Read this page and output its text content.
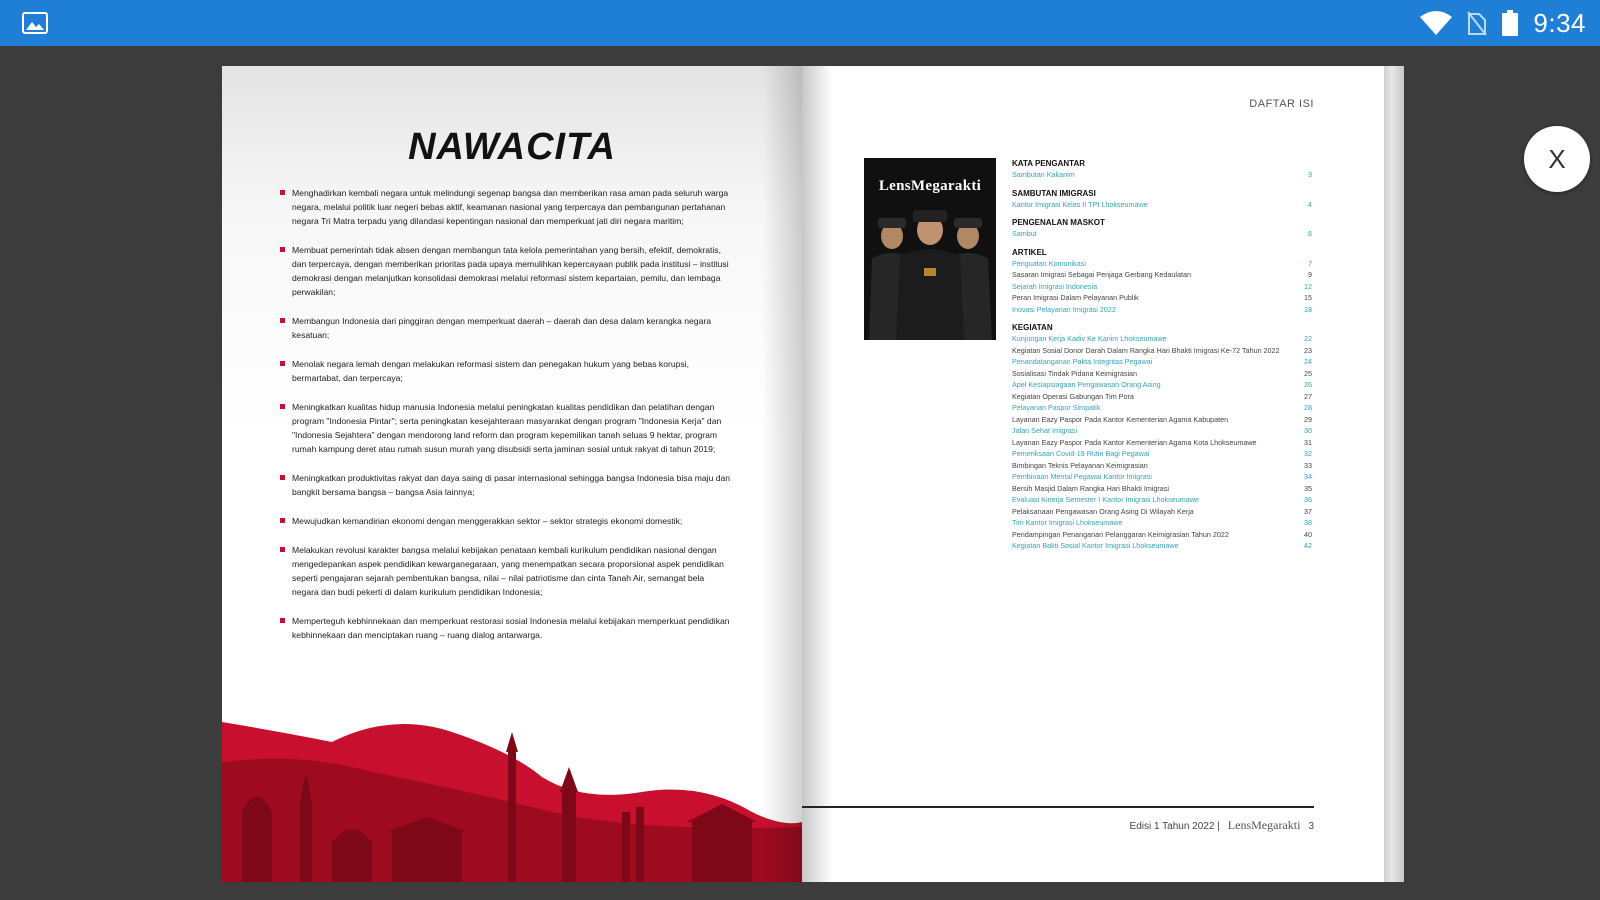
9:34
NAWACITA
Menghadirkan kembali negara untuk melindungi segenap bangsa dan memberikan rasa aman pada seluruh warga negara, melalui politik luar negeri bebas aktif, keamanan nasional yang terpercaya dan pembangunan pertahanan negara Tri Matra terpadu yang dilandasi kepentingan nasional dan memperkuat jati diri negara maritim;
Membuat pemerintah tidak absen dengan membangun tata kelola pemerintahan yang bersih, efektif, demokratis, dan terpercaya, dengan memberikan prioritas pada upaya memulihkan kepercayaan publik pada institusi – institusi demokrasi dengan melanjutkan konsolidasi demokrasi melalui reformasi sistem kepartaian, pemilu, dan lembaga perwakilan;
Membangun Indonesia dari pinggiran dengan memperkuat daerah – daerah dan desa dalam kerangka negara kesatuan;
Menolak negara lemah dengan melakukan reformasi sistem dan penegakan hukum yang bebas korupsi, bermartabat, dan terpercaya;
Meningkatkan kualitas hidup manusia Indonesia melalui peningkatan kualitas pendidikan dan pelatihan dengan program "Indonesia Pintar"; serta peningkatan kesejahteraan masyarakat dengan program "Indonesia Kerja" dan "Indonesia Sejahtera" dengan mendorong land reform dan program kepemilikan tanah seluas 9 hektar, program rumah kampung deret atau rumah susun murah yang disubsidi serta jaminan sosial untuk rakyat di tahun 2019;
Meningkatkan produktivitas rakyat dan daya saing di pasar internasional sehingga bangsa Indonesia bisa maju dan bangkit bersama bangsa – bangsa Asia lainnya;
Mewujudkan kemandirian ekonomi dengan menggerakkan sektor – sektor strategis ekonomi domestik;
Melakukan revolusi karakter bangsa melalui kebijakan penataan kembali kurikulum pendidikan nasional dengan mengedepankan aspek pendidikan kewarganegaraan, yang menempatkan secara proporsional aspek pendidikan seperti pengajaran sejarah pembentukan bangsa, nilai – nilai patriotisme dan cinta Tanah Air, semangat bela negara dan budi pekerti di dalam kurikulum pendidikan Indonesia;
Memperteguh kebhinnekaan dan memperkuat restorasi sosial Indonesia melalui kebijakan memperkuat pendidikan kebhinnekaan dan menciptakan ruang – ruang dialog antarwarga.
DAFTAR ISI
LensMegarakti
KATA PENGANTAR
Sambutan Kakanim	3
SAMBUTAN IMIGRASI
Kantor Imigrasi Kelas II TPI Lhokseumawe	4
PENGENALAN MASKOT
Sambut	6
ARTIKEL
Penguatan Komunikasi	7
Sasaran Imigrasi Sebagai Penjaga Gerbang Kedaulatan	9
Sejarah Imigrasi Indonesia	12
Peran Imigrasi Dalam Pelayanan Publik	15
Inovasi Pelayanan Imigrasi 2022	18
KEGIATAN
Kunjungan Kerja Kadiv Ke Kanim Lhokseumawe	22
Kegiatan Sosial Donor Darah Dalam Rangka Hari Bhakti Imigrasi Ke-72 Tahun 2022	23
Penandatanganan Pakta Integritas Pegawai	24
Sosialisasi Tindak Pidana Keimigrasian	25
Apel Kesiapsiagaan Pengawasan Orang Asing	26
Kegiatan Operasi Gabungan Tim Pora	27
Pelayanan Paspor Simpatik	28
Layanan Eazy Paspor Pada Kantor Kementerian Agama Kabupaten	29
Jalan Sehat Imigrasi	30
Layanan Eazy Paspor Pada Kantor Kementerian Agama Kota Lhokseumawe	31
Pemeriksaan Covid-19 Rutin Bagi Pegawai	32
Bimbingan Teknis Pelayanan Keimigrasian	33
Pembinaan Mental Pegawai Kantor Imigrasi	34
Bersih Masjid Dalam Rangka Hari Bhakti Imigrasi	35
Evaluasi Kinerja Semester I Kantor Imigrasi Lhokseumawe	36
Pelaksanaan Pengawasan Orang Asing Di Wilayah Kerja	37
Tim Kantor Imigrasi Lhokseumawe	38
Pendampingan Penanganan Pelanggaran Keimigrasian Tahun 2022	40
Kegiatan Bakti Sosial Kantor Imigrasi Lhokseumawe	42
Edisi 1 Tahun 2022 | LensMegarakti 3
X
